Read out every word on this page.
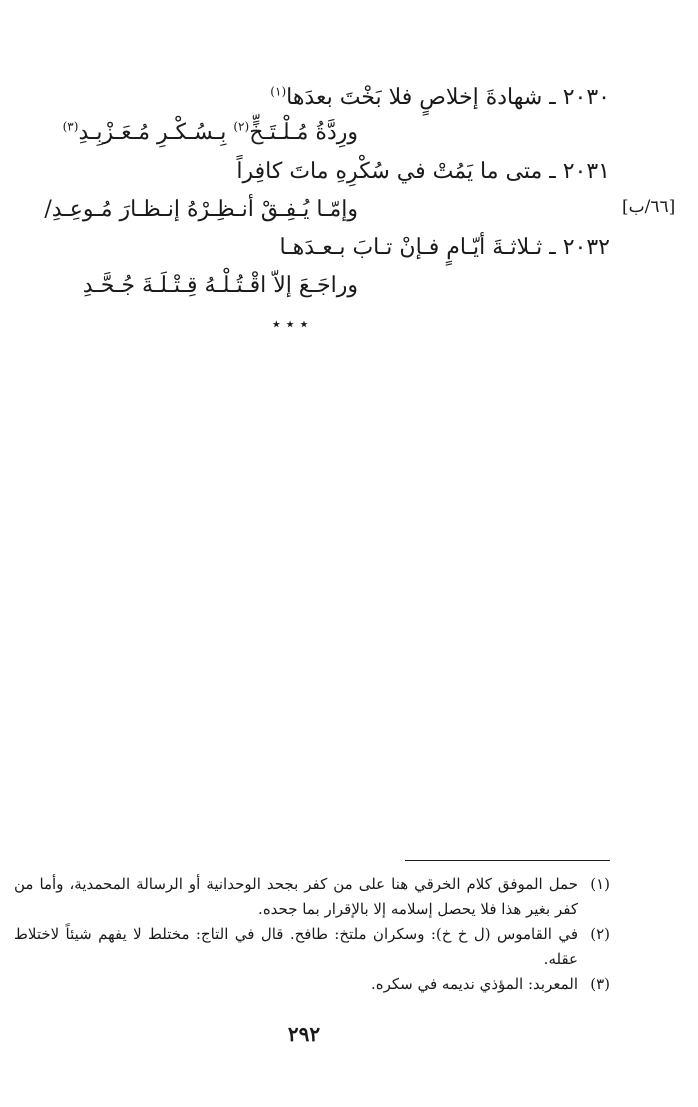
٢٠٣٠ ـ شهادةَ إخلاصٍ فلا بَخْتَ بعدَها$^{(١)}$
ورِدَّةُ مُـلْـتَـخٍّ$^{(٢)}$ بِـسُـكْـرِ مُـعَـزْبِـدِ$^{(٣)}$
٢٠٣١ ـ متى ما يَمُتْ في سُكْرِهِ ماتَ كافِراً
وإمّـا يُـفِـقْ أنـظِـرْهُ إنـظـارَ مُـوعِـدِ/	[٦٦/ب]
٢٠٣٢ ـ ثـلاثـةَ أيّـامٍ فـإنْ تـابَ بـعـدَهـا
وراجَـعَ إلاّ اقْـتُـلْـهُ قِـتْـلَـةَ جُـحَّـدِ
٭ ٭ ٭
(١)
حمل الموفق كلام الخرقي هنا على من كفر بجحد الوحدانية أو الرسالة المحمدية، وأما من كفر بغير هذا فلا يحصل إسلامه إلا بالإقرار بما جحده.
(٢)
في القاموس (ل خ خ): وسكران ملتخ: طافح. قال في التاج: مختلط لا يفهم شيئاً لاختلاط عقله.
(٣)
المعربد: المؤذي نديمه في سكره.
٢٩٢
